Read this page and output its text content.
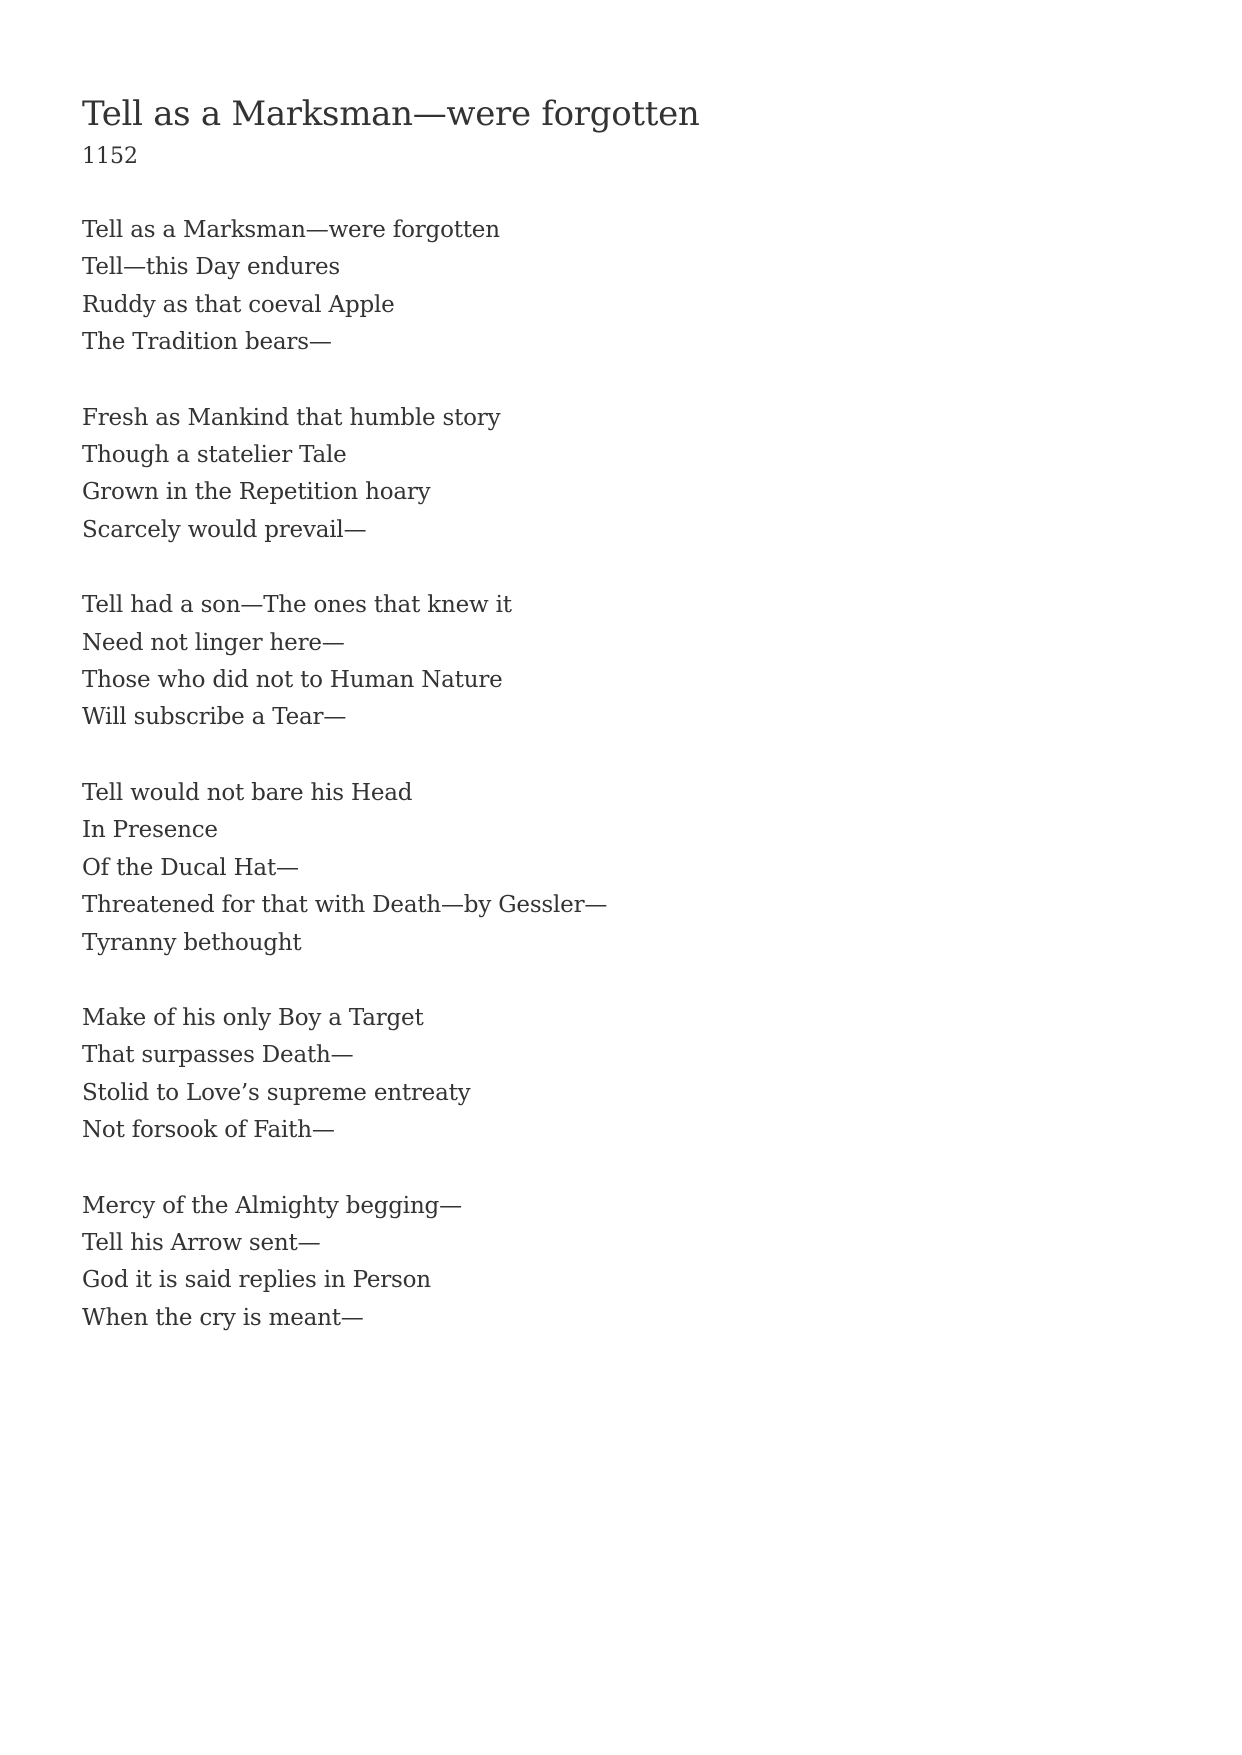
Tell as a Marksman—were forgotten
1152
Tell as a Marksman—were forgotten
Tell—this Day endures
Ruddy as that coeval Apple
The Tradition bears—
Fresh as Mankind that humble story
Though a statelier Tale
Grown in the Repetition hoary
Scarcely would prevail—
Tell had a son—The ones that knew it
Need not linger here—
Those who did not to Human Nature
Will subscribe a Tear—
Tell would not bare his Head
In Presence
Of the Ducal Hat—
Threatened for that with Death—by Gessler—
Tyranny bethought
Make of his only Boy a Target
That surpasses Death—
Stolid to Love’s supreme entreaty
Not forsook of Faith—
Mercy of the Almighty begging—
Tell his Arrow sent—
God it is said replies in Person
When the cry is meant—
